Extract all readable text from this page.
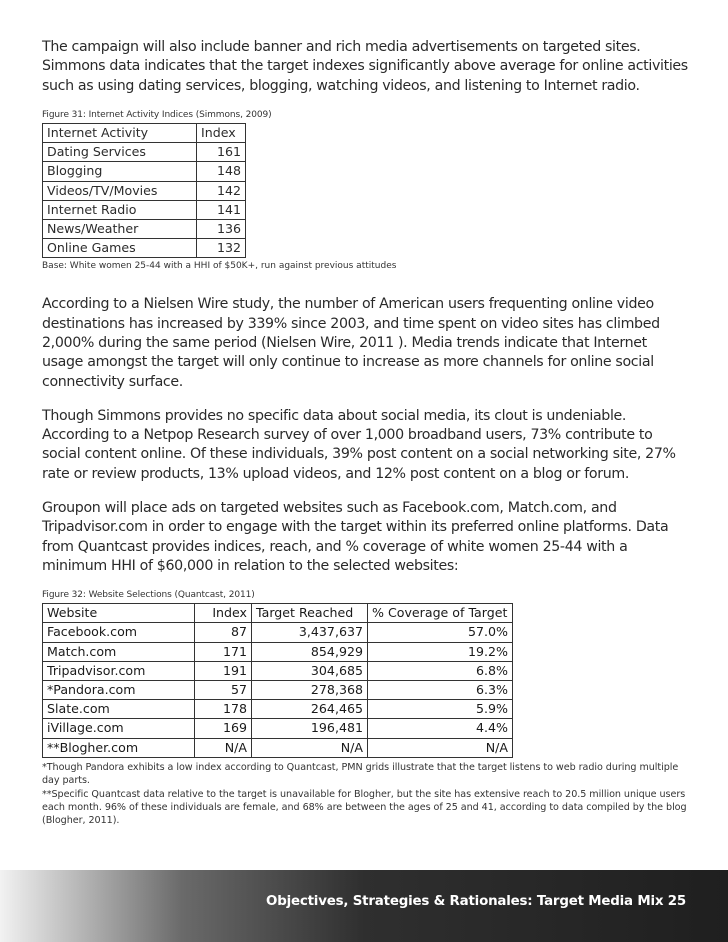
The campaign will also include banner and rich media advertisements on targeted sites. Simmons data indicates that the target indexes significantly above average for online activities such as using dating services, blogging, watching videos, and listening to Internet radio.

Figure 31: Internet Activity Indices (Simmons, 2009)
Internet Activity	Index
Dating Services	161
Blogging	148
Videos/TV/Movies	142
Internet Radio	141
News/Weather	136
Online Games	132
Base: White women 25-44 with a HHI of $50K+, run against previous attitudes

According to a Nielsen Wire study, the number of American users frequenting online video destinations has increased by 339% since 2003, and time spent on video sites has climbed 2,000% during the same period (Nielsen Wire, 2011 ). Media trends indicate that Internet usage amongst the target will only continue to increase as more channels for online social connectivity surface.

Though Simmons provides no specific data about social media, its clout is undeniable. According to a Netpop Research survey of over 1,000 broadband users, 73% contribute to social content online. Of these individuals, 39% post content on a social networking site, 27% rate or review products, 13% upload videos, and 12% post content on a blog or forum.

Groupon will place ads on targeted websites such as Facebook.com, Match.com, and Tripadvisor.com in order to engage with the target within its preferred online platforms. Data from Quantcast provides indices, reach, and % coverage of white women 25-44 with a minimum HHI of $60,000 in relation to the selected websites:

Figure 32: Website Selections (Quantcast, 2011)
Website	Index	Target Reached	% Coverage of Target
Facebook.com	87	3,437,637	57.0%
Match.com	171	854,929	19.2%
Tripadvisor.com	191	304,685	6.8%
*Pandora.com	57	278,368	6.3%
Slate.com	178	264,465	5.9%
iVillage.com	169	196,481	4.4%
**Blogher.com	N/A	N/A	N/A
*Though Pandora exhibits a low index according to Quantcast, PMN grids illustrate that the target listens to web radio during multiple day parts.
**Specific Quantcast data relative to the target is unavailable for Blogher, but the site has extensive reach to 20.5 million unique users each month. 96% of these individuals are female, and 68% are between the ages of 25 and 41, according to data compiled by the blog (Blogher, 2011).
Objectives, Strategies & Rationales: Target Media Mix 25
